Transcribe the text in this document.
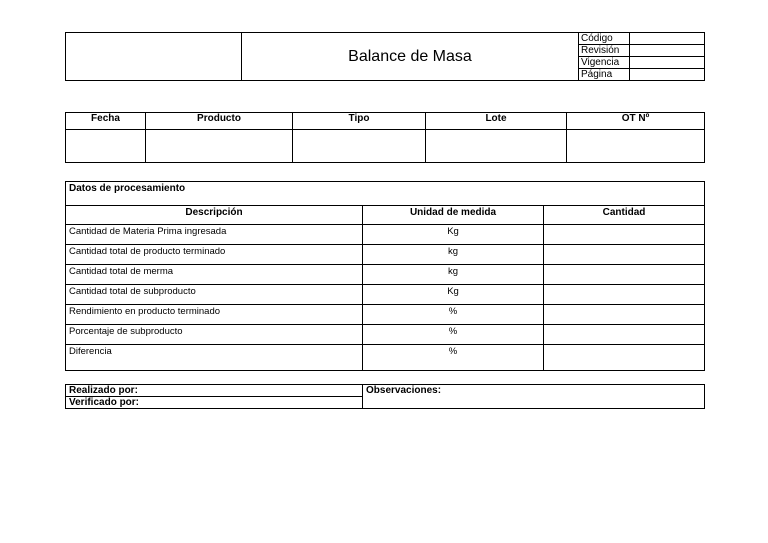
	Balance de Masa	Código	
		Revisión	
		Vigencia	
		Página	
Fecha	Producto	Tipo	Lote	OT Nº

Datos de procesamiento		
Descripción	Unidad de medida	Cantidad
Cantidad de Materia Prima ingresada	Kg	
Cantidad total de producto terminado	kg	
Cantidad total de merma	kg	
Cantidad total de subproducto	Kg	
Rendimiento en producto terminado	%	
Porcentaje de subproducto	%	
Diferencia	%	
Realizado por:	Observaciones:
Verificado por:
